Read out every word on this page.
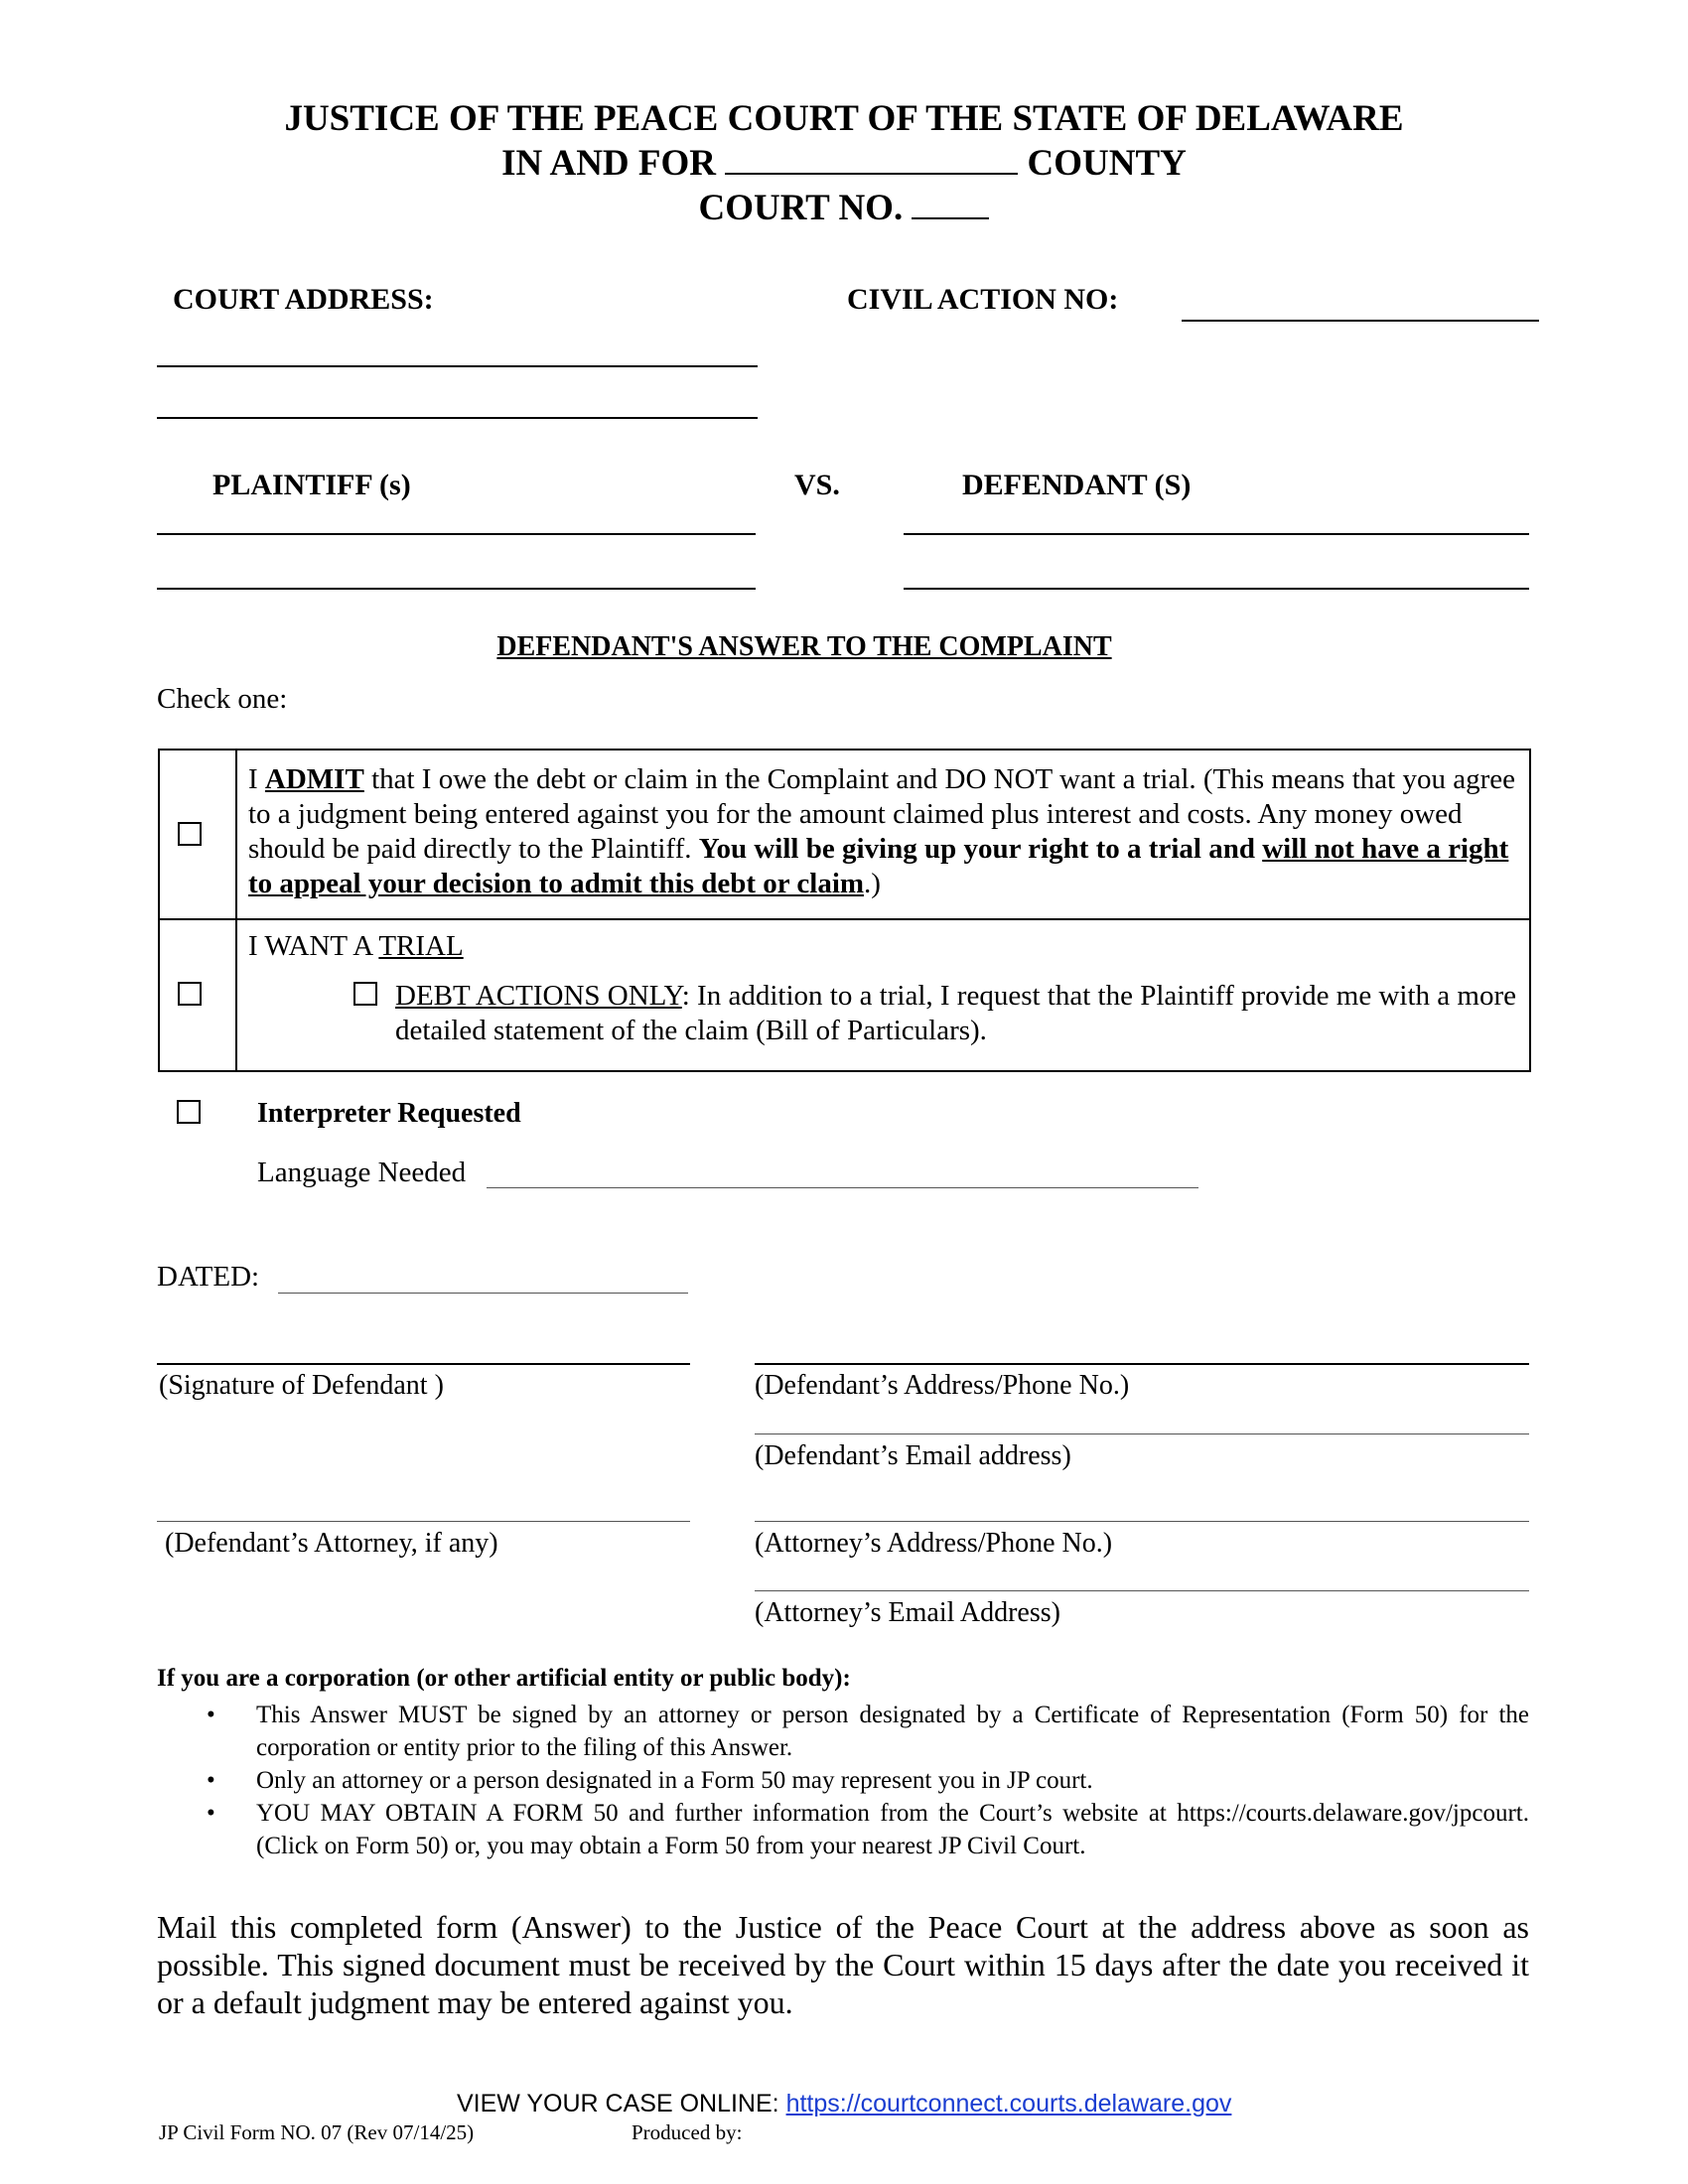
JUSTICE OF THE PEACE COURT OF THE STATE OF DELAWARE
IN AND FOR	COUNTY
COURT NO.
COURT ADDRESS:	CIVIL ACTION NO:
PLAINTIFF (s)	VS.	DEFENDANT (S)
DEFENDANT'S ANSWER TO THE COMPLAINT
Check one:
I ADMIT that I owe the debt or claim in the Complaint and DO NOT want a trial. (This means that you agree to a judgment being entered against you for the amount claimed plus interest and costs. Any money owed should be paid directly to the Plaintiff. You will be giving up your right to a trial and will not have a right to appeal your decision to admit this debt or claim.)
I WANT A TRIAL
DEBT ACTIONS ONLY: In addition to a trial, I request that the Plaintiff provide me with a more detailed statement of the claim (Bill of Particulars).
Interpreter Requested
Language Needed
DATED:
(Signature of Defendant )	(Defendant’s Address/Phone No.)
(Defendant’s Email address)
(Defendant’s Attorney, if any)	(Attorney’s Address/Phone No.)
(Attorney’s Email Address)
If you are a corporation (or other artificial entity or public body):
• This Answer MUST be signed by an attorney or person designated by a Certificate of Representation (Form 50) for the corporation or entity prior to the filing of this Answer.
• Only an attorney or a person designated in a Form 50 may represent you in JP court.
• YOU MAY OBTAIN A FORM 50 and further information from the Court’s website at https://courts.delaware.gov/jpcourt. (Click on Form 50) or, you may obtain a Form 50 from your nearest JP Civil Court.
Mail this completed form (Answer) to the Justice of the Peace Court at the address above as soon as possible. This signed document must be received by the Court within 15 days after the date you received it or a default judgment may be entered against you.
VIEW YOUR CASE ONLINE: https://courtconnect.courts.delaware.gov
JP Civil Form NO. 07 (Rev 07/14/25)	Produced by:
